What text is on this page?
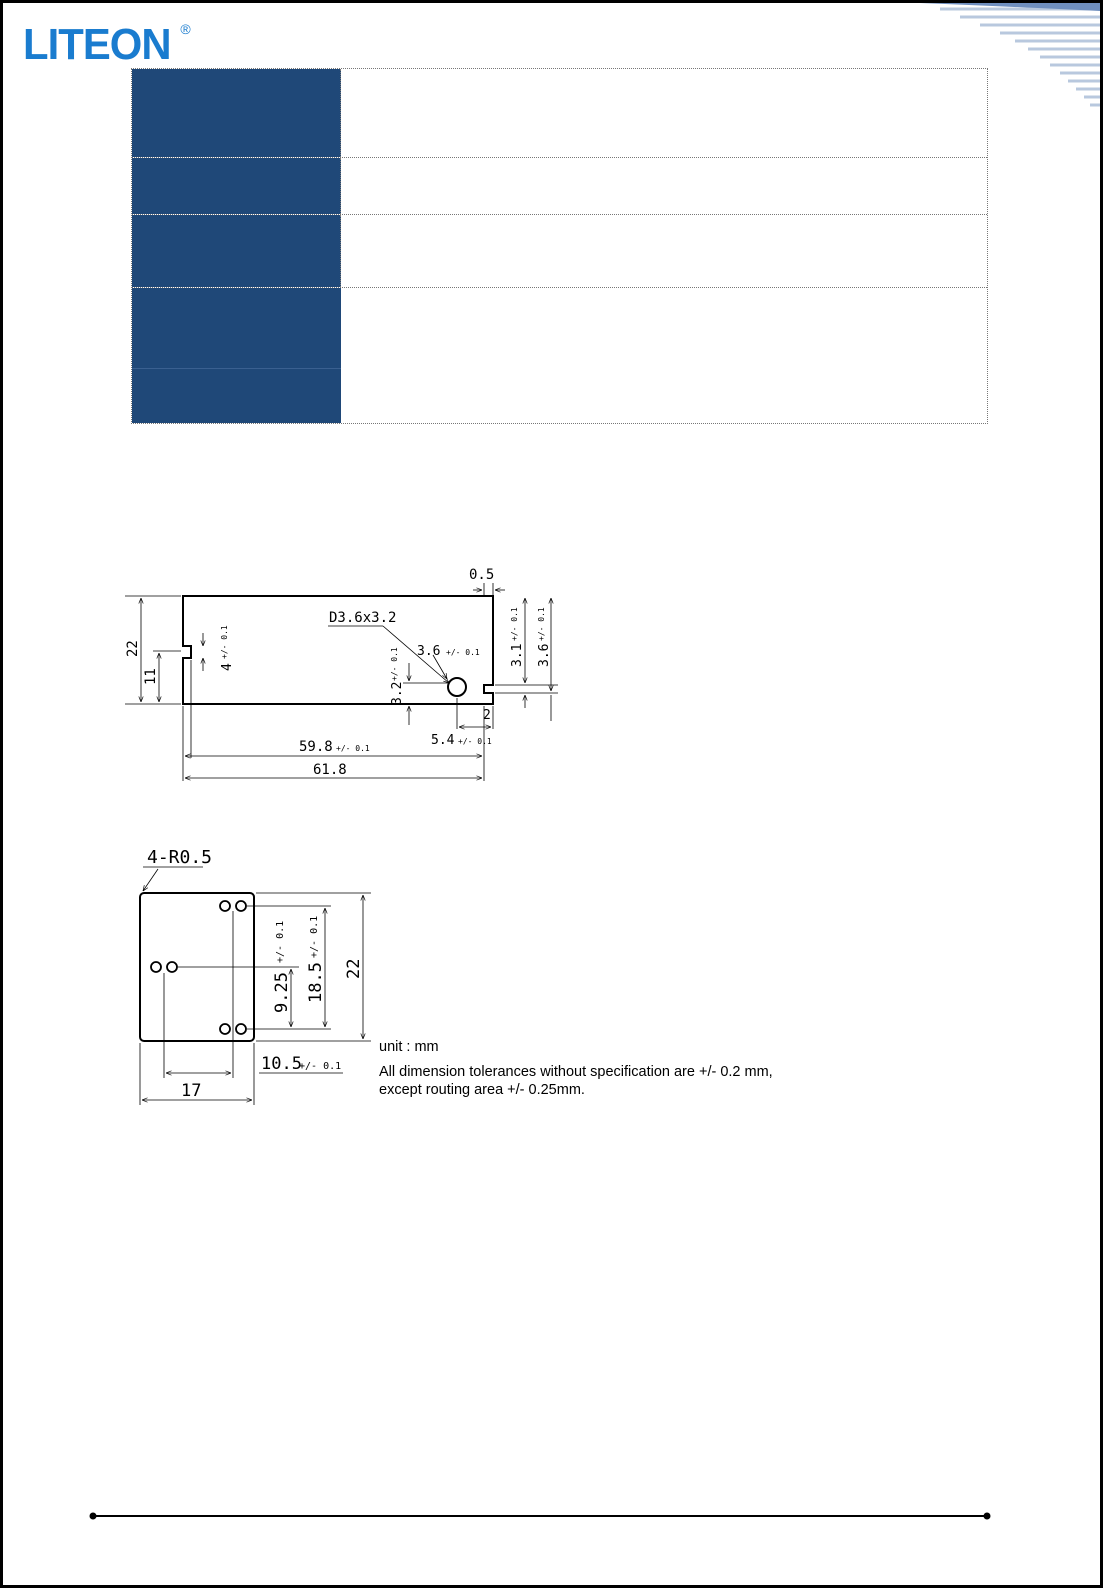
LITEON ®
D3.6x3.2
0.5
22
11
4
+/- 0.1	3.6 +/- 0.1 3.1
+/- 0.1
3.6
+/- 0.1
3.2
+/- 0.1
2
5.4 +/- 0.1
59.8 +/- 0.1
61.8
4-R0.5
9.25
+/- 0.1
18.5
+/- 0.1
22
10.5
+/- 0.1
17
unit : mm
All dimension tolerances without specification are +/- 0.2 mm,
except routing area +/- 0.25mm.
